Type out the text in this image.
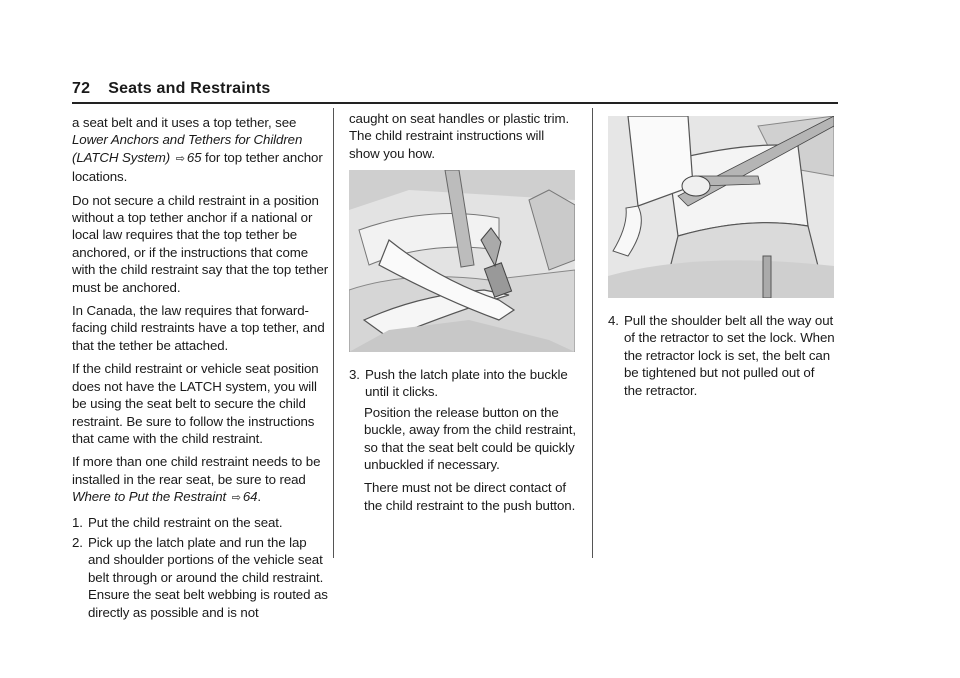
72 Seats and Restraints

a seat belt and it uses a top tether, see Lower Anchors and Tethers for Children (LATCH System) ⇨ 65 for top tether anchor locations.

Do not secure a child restraint in a position without a top tether anchor if a national or local law requires that the top tether be anchored, or if the instructions that come with the child restraint say that the top tether must be anchored.

In Canada, the law requires that forward-facing child restraints have a top tether, and that the tether be attached.

If the child restraint or vehicle seat position does not have the LATCH system, you will be using the seat belt to secure the child restraint. Be sure to follow the instructions that came with the child restraint.

If more than one child restraint needs to be installed in the rear seat, be sure to read Where to Put the Restraint ⇨ 64.

1. Put the child restraint on the seat.
2. Pick up the latch plate and run the lap and shoulder portions of the vehicle seat belt through or around the child restraint. Ensure the seat belt webbing is routed as directly as possible and is not

caught on seat handles or plastic trim. The child restraint instructions will show you how.

3. Push the latch plate into the buckle until it clicks.

Position the release button on the buckle, away from the child restraint, so that the seat belt could be quickly unbuckled if necessary.

There must not be direct contact of the child restraint to the push button.

4. Pull the shoulder belt all the way out of the retractor to set the lock. When the retractor lock is set, the belt can be tightened but not pulled out of the retractor.
